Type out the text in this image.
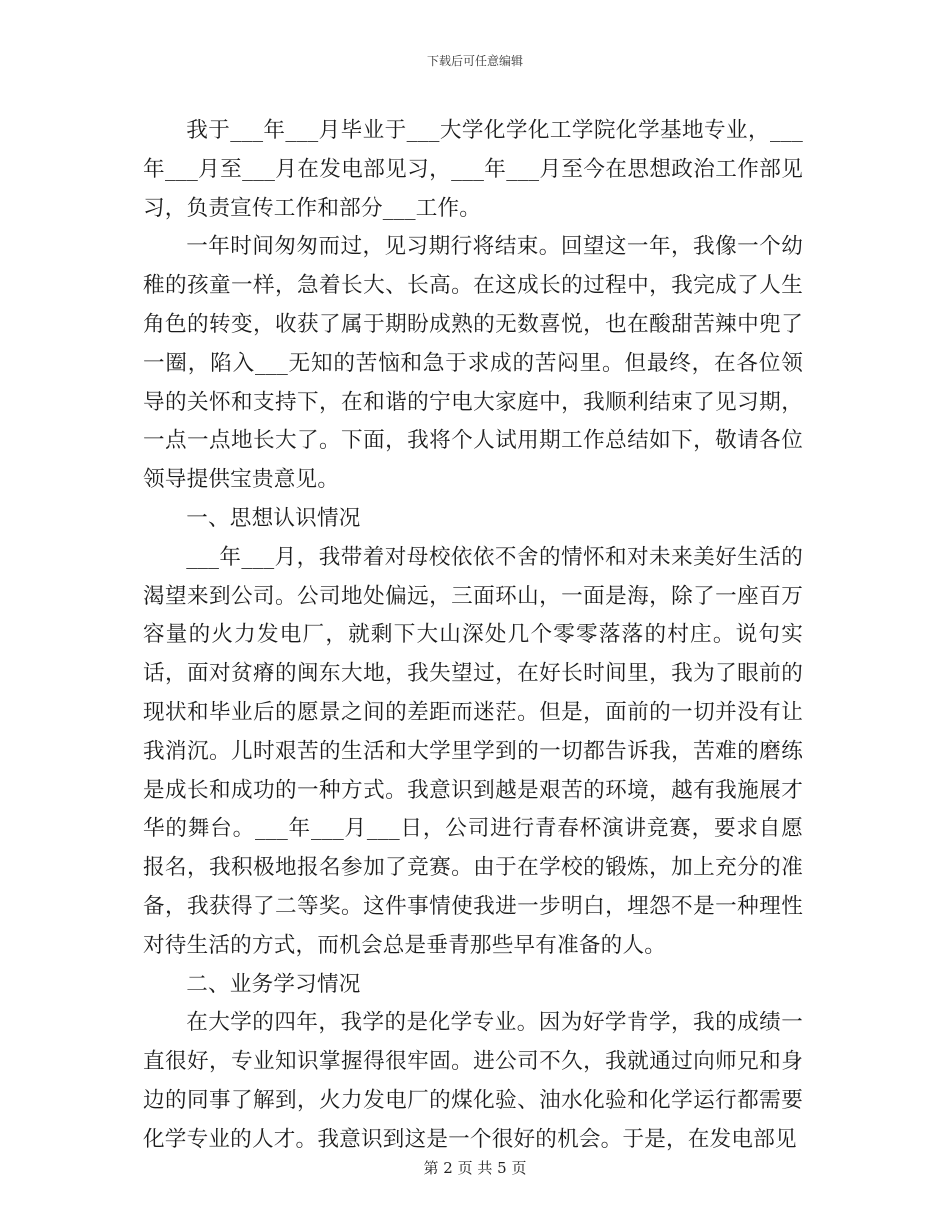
下载后可任意编辑

我于___年___月毕业于___大学化学化工学院化学基地专业，___年___月至___月在发电部见习，___年___月至今在思想政治工作部见习，负责宣传工作和部分___工作。

一年时间匆匆而过，见习期行将结束。回望这一年，我像一个幼稚的孩童一样，急着长大、长高。在这成长的过程中，我完成了人生角色的转变，收获了属于期盼成熟的无数喜悦，也在酸甜苦辣中兜了一圈，陷入___无知的苦恼和急于求成的苦闷里。但最终，在各位领导的关怀和支持下，在和谐的宁电大家庭中，我顺利结束了见习期，一点一点地长大了。下面，我将个人试用期工作总结如下，敬请各位领导提供宝贵意见。

一、思想认识情况

___年___月，我带着对母校依依不舍的情怀和对未来美好生活的渴望来到公司。公司地处偏远，三面环山，一面是海，除了一座百万容量的火力发电厂，就剩下大山深处几个零零落落的村庄。说句实话，面对贫瘠的闽东大地，我失望过，在好长时间里，我为了眼前的现状和毕业后的愿景之间的差距而迷茫。但是，面前的一切并没有让我消沉。儿时艰苦的生活和大学里学到的一切都告诉我，苦难的磨练是成长和成功的一种方式。我意识到越是艰苦的环境，越有我施展才华的舞台。___年___月___日，公司进行青春杯演讲竞赛，要求自愿报名，我积极地报名参加了竞赛。由于在学校的锻炼，加上充分的准备，我获得了二等奖。这件事情使我进一步明白，埋怨不是一种理性对待生活的方式，而机会总是垂青那些早有准备的人。

二、业务学习情况

在大学的四年，我学的是化学专业。因为好学肯学，我的成绩一直很好，专业知识掌握得很牢固。进公司不久，我就通过向师兄和身边的同事了解到，火力发电厂的煤化验、油水化验和化学运行都需要化学专业的人才。我意识到这是一个很好的机会。于是，在发电部见

第 2 页 共 5 页
